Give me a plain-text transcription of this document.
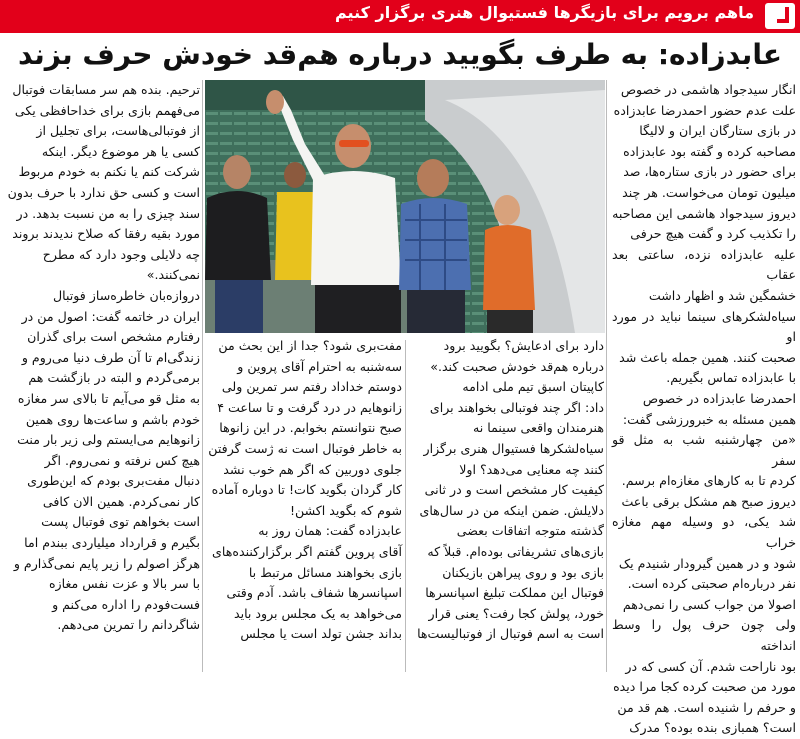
ماهم برویم برای بازیگرها فستیوال هنری برگزار کنیم
عابدزاده: به طرف بگویید درباره هم‌قد خودش حرف بزند

انگار سیدجواد هاشمی در خصوص

علت عدم حضور احمدرضا عابدزاده

در بازی ستارگان ایران و لالیگا

مصاحبه کرده و گفته بود عابدزاده

برای حضور در بازی ستاره‌ها، صد

میلیون تومان می‌خواست. هر چند

دیروز سیدجواد هاشمی این مصاحبه

را تکذیب کرد و گفت هیچ حرفی

علیه عابدزاده نزده، ساعتی بعد عقاب

خشمگین شد و اظهار داشت

سیاه‌لشکرهای سینما نباید در مورد او

صحبت کنند. همین جمله باعث شد

با عابدزاده تماس بگیریم.

احمدرضا عابدزاده در خصوص

همین مسئله به خبرورزشی گفت:

«من چهارشنبه شب به مثل قو سفر

کردم تا به کارهای مغازه‌ام برسم.

دیروز صبح هم مشکل برقی باعث

شد یکی، دو وسیله مهم مغازه خراب

شود و در همین گیرودار شنیدم یک

نفر درباره‌ام صحبتی کرده است.

اصولا من جواب کسی را نمی‌دهم

ولی چون حرف پول را وسط انداخته

بود ناراحت شدم. آن کسی که در

مورد من صحبت کرده کجا مرا دیده

و حرفم را شنیده است. هم قد من

است؟ همبازی بنده بوده؟ مدرک

دارد برای ادعایش؟ بگویید برود

درباره هم‌قد خودش صحبت کند.»

کاپیتان اسبق تیم ملی ادامه

داد: اگر چند فوتبالی بخواهند برای

هنرمندان واقعی سینما نه

سیاه‌لشکرها فستیوال هنری برگزار

کنند چه معنایی می‌دهد؟ اولا

کیفیت کار مشخص است و در ثانی

دلایلش. ضمن اینکه من در سال‌های

گذشته متوجه اتفاقات بعضی

بازی‌های تشریفاتی بوده‌ام. قبلاً که

بازی بود و روی پیراهن بازیکنان

فوتبال این مملکت تبلیغ اسپانسرها

خورد، پولش کجا رفت؟ یعنی قرار

است به اسم فوتبال از فوتبالیست‌ها

مفت‌بری شود؟ جدا از این بحث من

سه‌شنبه به احترام آقای پروین و

دوستم خداداد رفتم سر تمرین ولی

زانوهایم در درد گرفت و تا ساعت ۴

صبح نتوانستم بخوابم. در این زانوها

به خاطر فوتبال است نه ژست گرفتن

جلوی دوربین که اگر هم خوب نشد

کار گردان بگوید کات! تا دوباره آماده

شوم که بگوید اکشن!

عابدزاده گفت: همان روز به

آقای پروین گفتم اگر برگزارکننده‌های

بازی بخواهند مسائل مرتبط با

اسپانسرها شفاف باشد. آدم وقتی

می‌خواهد به یک مجلس برود باید

بداند جشن تولد است یا مجلس

ترحیم. بنده هم سر مسابقات فوتبال

می‌فهمم بازی برای خداحافظی یکی

از فوتبالی‌هاست، برای تجلیل از

کسی یا هر موضوع دیگر. اینکه

شرکت کنم یا نکنم به خودم مربوط

است و کسی حق ندارد با حرف بدون

سند چیزی را به من نسبت بدهد. در

مورد بقیه رفقا که صلاح ندیدند بروند

چه دلایلی وجود دارد که مطرح

نمی‌کنند.»

دروازه‌بان خاطره‌ساز فوتبال

ایران در خاتمه گفت: اصول من در

رفتارم مشخص است برای گذران

زندگی‌ام تا آن طرف دنیا می‌روم و

برمی‌گردم و البته در بازگشت هم

به مثل قو می‌آیم تا بالای سر مغازه

خودم باشم و ساعت‌ها روی همین

زانوهایم می‌ایستم ولی زیر بار منت

هیچ کس نرفته و نمی‌روم. اگر

دنبال مفت‌بری بودم که این‌طوری

کار نمی‌کردم. همین الان کافی

است بخواهم توی فوتبال پست

بگیرم و قرارداد میلیاردی ببندم اما

هرگز اصولم را زیر پایم نمی‌گذارم و

با سر بالا و عزت نفس مغازه

فست‌فودم را اداره می‌کنم و

شاگردانم را تمرین می‌دهم.
